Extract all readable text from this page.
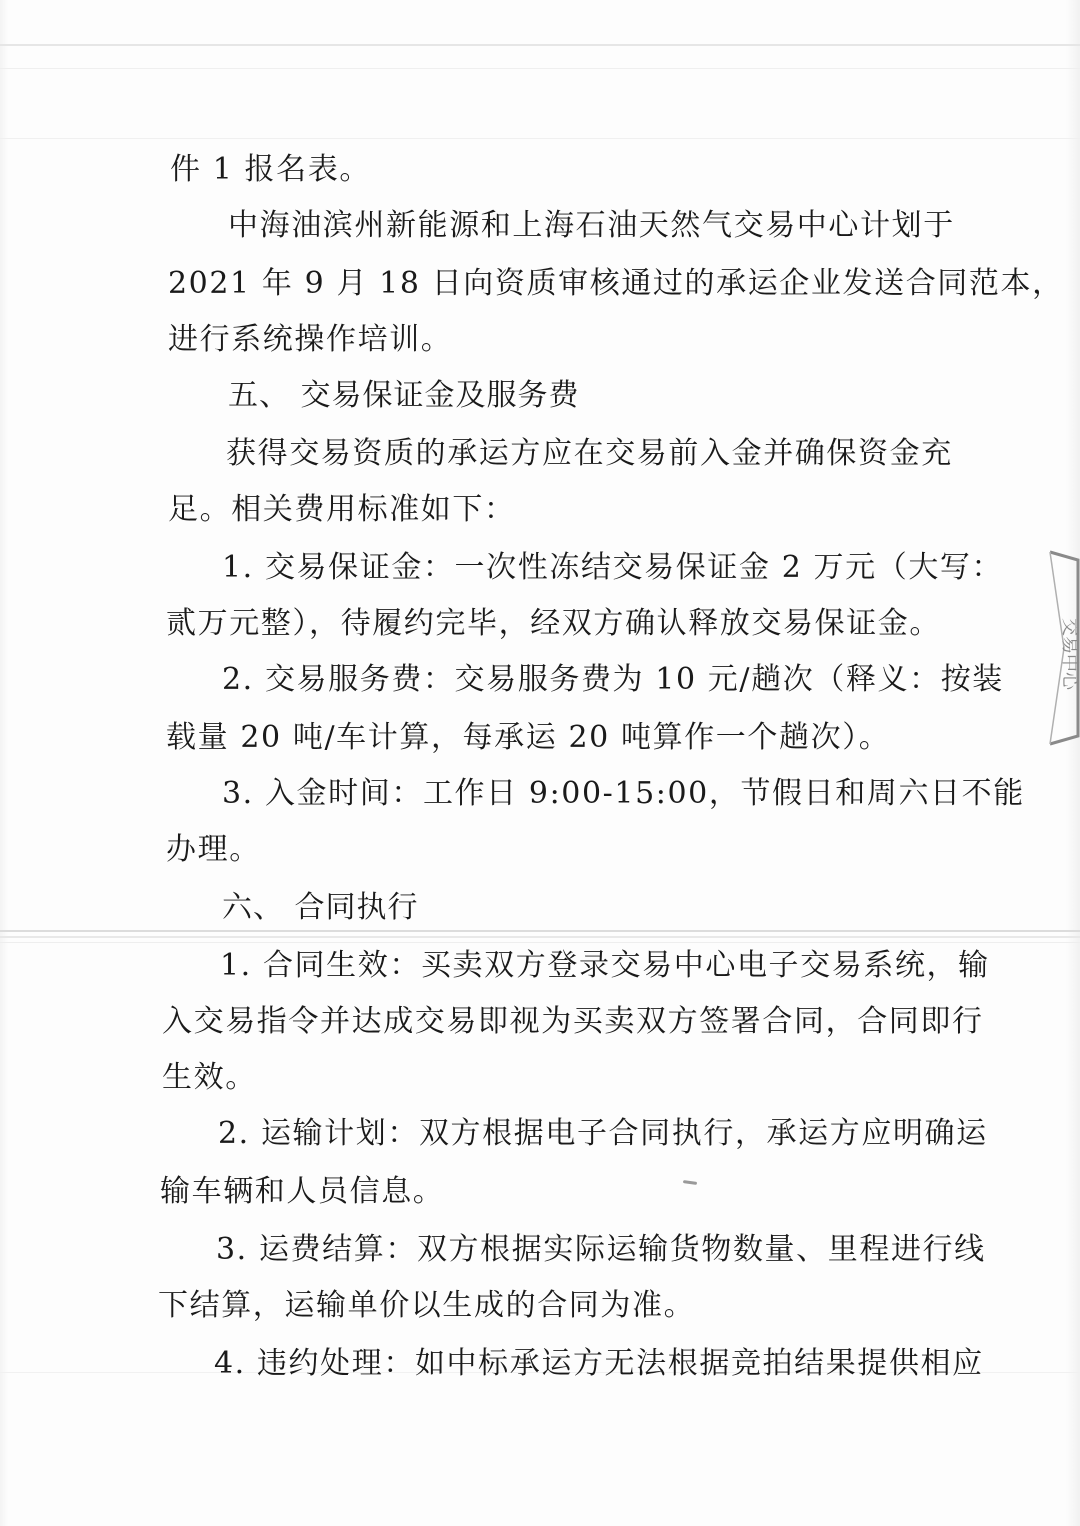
件 1 报名表。
中海油滨州新能源和上海石油天然气交易中心计划于
2021 年 9 月 18 日向资质审核通过的承运企业发送合同范本，
进行系统操作培训。
五、 交易保证金及服务费
获得交易资质的承运方应在交易前入金并确保资金充
足。相关费用标准如下：
1. 交易保证金：一次性冻结交易保证金 2 万元（大写：
贰万元整），待履约完毕，经双方确认释放交易保证金。
2. 交易服务费：交易服务费为 10 元/趟次（释义：按装
载量 20 吨/车计算，每承运 20 吨算作一个趟次）。
3. 入金时间：工作日 9:00-15:00，节假日和周六日不能
办理。
六、 合同执行
1. 合同生效：买卖双方登录交易中心电子交易系统，输
入交易指令并达成交易即视为买卖双方签署合同，合同即行
生效。
2. 运输计划：双方根据电子合同执行，承运方应明确运
输车辆和人员信息。
3. 运费结算：双方根据实际运输货物数量、里程进行线
下结算，运输单价以生成的合同为准。
4. 违约处理：如中标承运方无法根据竞拍结果提供相应
交易中心
